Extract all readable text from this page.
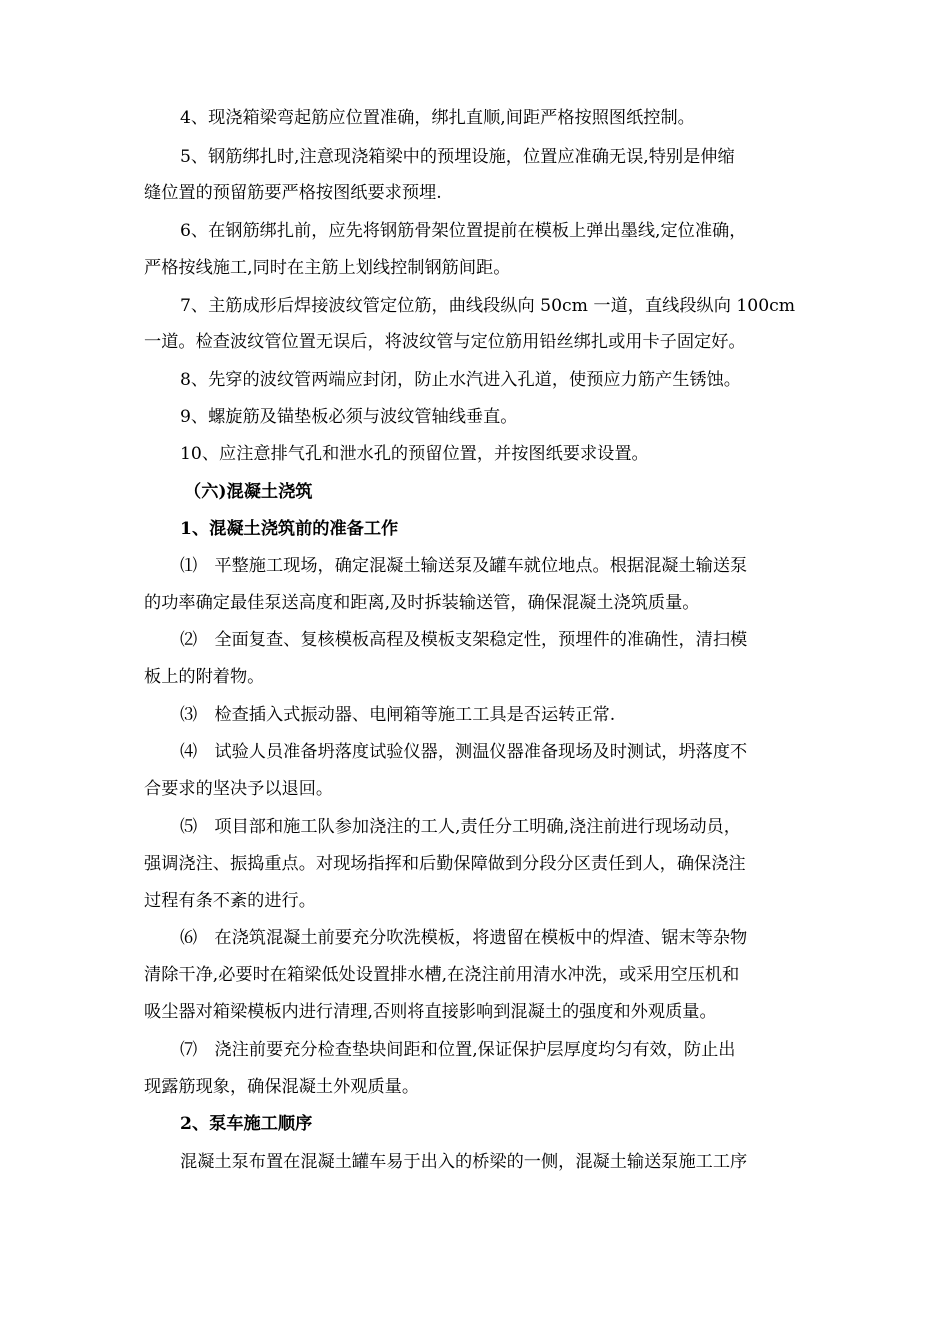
4、现浇箱梁弯起筋应位置准确，绑扎直顺,间距严格按照图纸控制。
5、钢筋绑扎时,注意现浇箱梁中的预埋设施，位置应准确无误,特别是伸缩
缝位置的预留筋要严格按图纸要求预埋.
6、在钢筋绑扎前，应先将钢筋骨架位置提前在模板上弹出墨线,定位准确，
严格按线施工,同时在主筋上划线控制钢筋间距。
7、主筋成形后焊接波纹管定位筋，曲线段纵向 50cm 一道，直线段纵向 100cm
一道。检查波纹管位置无误后，将波纹管与定位筋用铅丝绑扎或用卡子固定好。
8、先穿的波纹管两端应封闭，防止水汽进入孔道，使预应力筋产生锈蚀。
9、螺旋筋及锚垫板必须与波纹管轴线垂直。
10、应注意排气孔和泄水孔的预留位置，并按图纸要求设置。
（六)混凝土浇筑
1、混凝土浇筑前的准备工作
⑴　平整施工现场，确定混凝土输送泵及罐车就位地点。根据混凝土输送泵
的功率确定最佳泵送高度和距离,及时拆装输送管，确保混凝土浇筑质量。
⑵　全面复查、复核模板高程及模板支架稳定性，预埋件的准确性，清扫模
板上的附着物。
⑶　检查插入式振动器、电闸箱等施工工具是否运转正常.
⑷　试验人员准备坍落度试验仪器，测温仪器准备现场及时测试，坍落度不
合要求的坚决予以退回。
⑸　项目部和施工队参加浇注的工人,责任分工明确,浇注前进行现场动员，
强调浇注、振捣重点。对现场指挥和后勤保障做到分段分区责任到人，确保浇注
过程有条不紊的进行。
⑹　在浇筑混凝土前要充分吹洗模板，将遗留在模板中的焊渣、锯末等杂物
清除干净,必要时在箱梁低处设置排水槽,在浇注前用清水冲洗，或采用空压机和
吸尘器对箱梁模板内进行清理,否则将直接影响到混凝土的强度和外观质量。
⑺　浇注前要充分检查垫块间距和位置,保证保护层厚度均匀有效，防止出
现露筋现象，确保混凝土外观质量。
2、泵车施工顺序
混凝土泵布置在混凝土罐车易于出入的桥梁的一侧，混凝土输送泵施工工序
